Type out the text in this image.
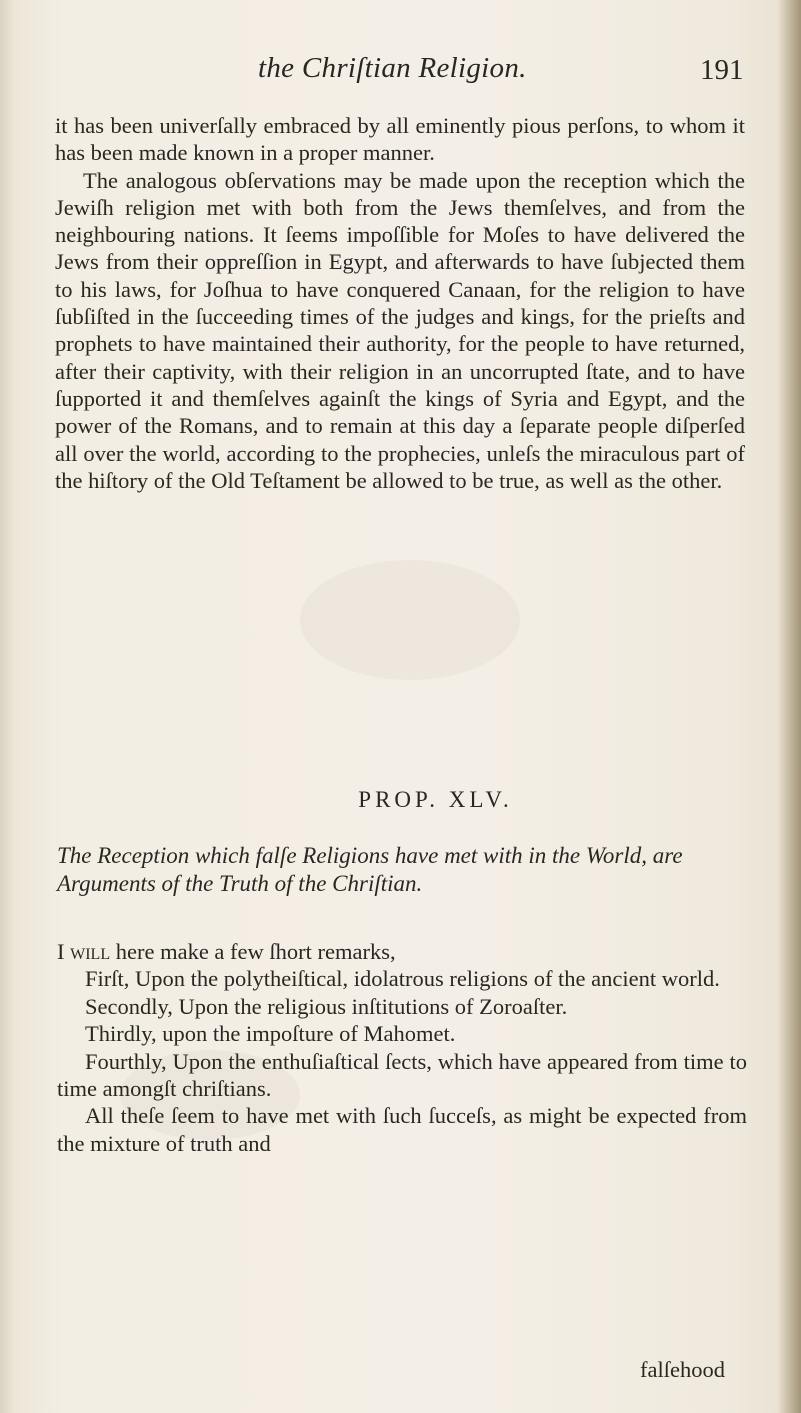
the Chriſtian Religion.	191

it has been univerſally embraced by all eminently pious perſons, to whom it has been made known in a proper manner.

The analogous obſervations may be made upon the reception which the Jewiſh religion met with both from the Jews themſelves, and from the neighbouring nations. It ſeems impoſſible for Moſes to have delivered the Jews from their oppreſſion in Egypt, and afterwards to have ſubjected them to his laws, for Joſhua to have conquered Canaan, for the religion to have ſubſiſted in the ſucceeding times of the judges and kings, for the prieſts and prophets to have maintained their authority, for the people to have returned, after their captivity, with their religion in an uncorrupted ſtate, and to have ſupported it and themſelves againſt the kings of Syria and Egypt, and the power of the Romans, and to remain at this day a ſeparate people diſperſed all over the world, according to the prophecies, unleſs the miraculous part of the hiſtory of the Old Teſtament be allowed to be true, as well as the other.

PROP. XLV.
The Reception which falſe Religions have met with in the World, are Arguments of the Truth of the Chriſtian.

I will here make a few ſhort remarks,

Firſt, Upon the polytheiſtical, idolatrous religions of the ancient world.

Secondly, Upon the religious inſtitutions of Zoroaſter.

Thirdly, upon the impoſture of Mahomet.

Fourthly, Upon the enthuſiaſtical ſects, which have appeared from time to time amongſt chriſtians.

All theſe ſeem to have met with ſuch ſucceſs, as might be expected from the mixture of truth and

falſehood
